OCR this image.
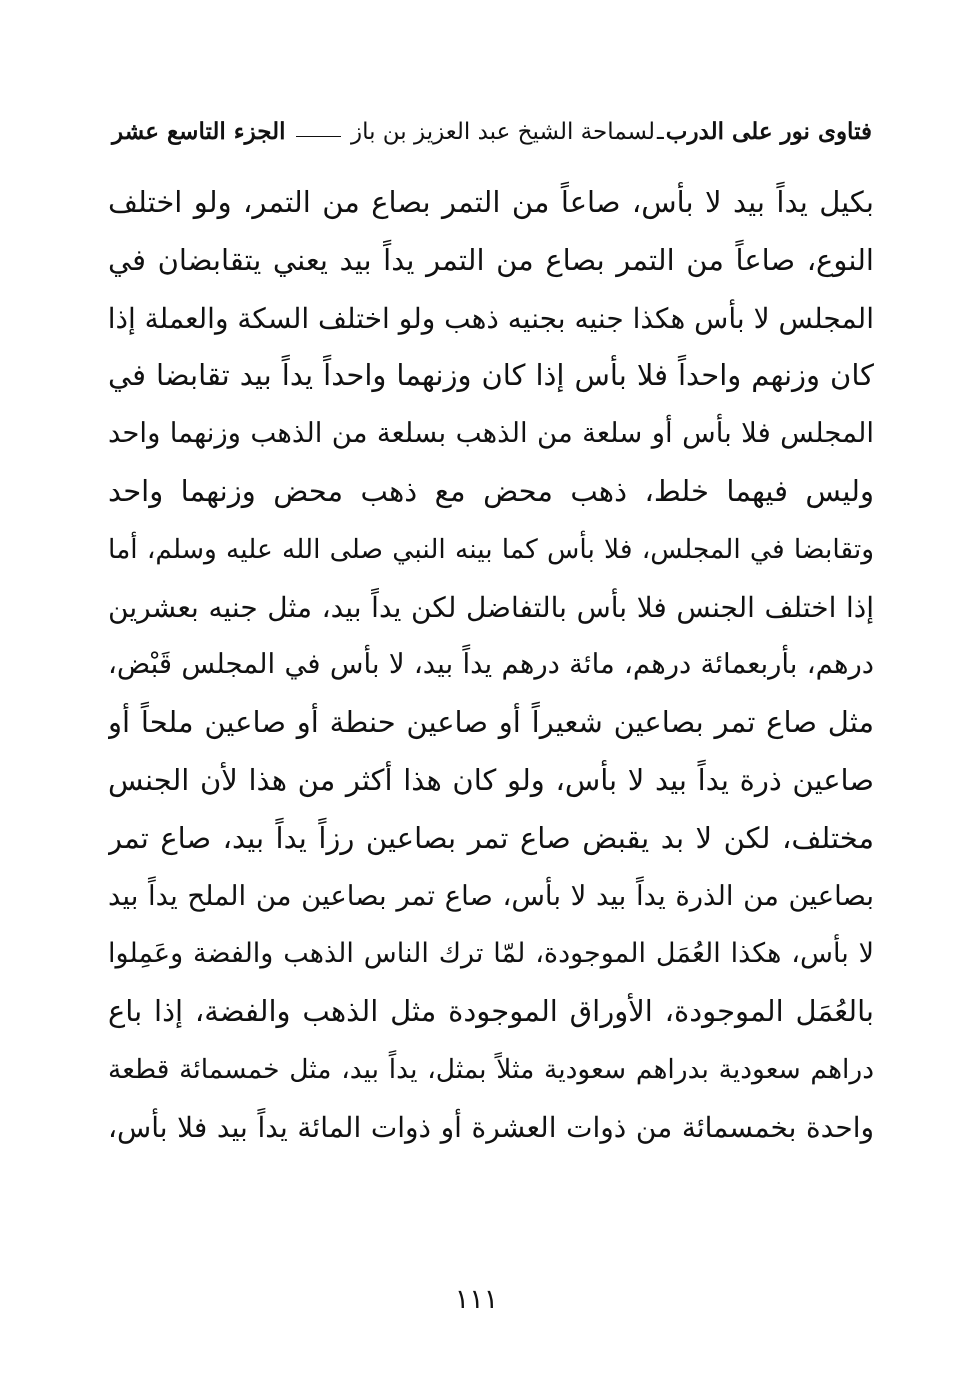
فتاوى نور على الدرب
ـ
لسماحة الشيخ عبد العزيز بن باز
الجزء التاسع عشر
بكيل يداً بيد لا بأس، صاعاً من التمر بصاع من التمر، ولو اختلف
النوع، صاعاً من التمر بصاع من التمر يداً بيد يعني يتقابضان في
المجلس لا بأس هكذا جنيه بجنيه ذهب ولو اختلف السكة والعملة إذا
كان وزنهم واحداً فلا بأس إذا كان وزنهما واحداً يداً بيد تقابضا في
المجلس فلا بأس أو سلعة من الذهب بسلعة من الذهب وزنهما واحد
وليس فيهما خلط، ذهب محض مع ذهب محض وزنهما واحد
وتقابضا في المجلس، فلا بأس كما بينه النبي صلى الله عليه وسلم، أما
إذا اختلف الجنس فلا بأس بالتفاضل لكن يداً بيد، مثل جنيه بعشرين
درهم، بأربعمائة درهم، مائة درهم يداً بيد، لا بأس في المجلس قَبْض،
مثل صاع تمر بصاعين شعيراً أو صاعين حنطة أو صاعين ملحاً أو
صاعين ذرة يداً بيد لا بأس، ولو كان هذا أكثر من هذا لأن الجنس
مختلف، لكن لا بد يقبض صاع تمر بصاعين رزاً يداً بيد، صاع تمر
بصاعين من الذرة يداً بيد لا بأس، صاع تمر بصاعين من الملح يداً بيد
لا بأس، هكذا العُمَل الموجودة، لمّا ترك الناس الذهب والفضة وعَمِلوا
بالعُمَل الموجودة، الأوراق الموجودة مثل الذهب والفضة، إذا باع
دراهم سعودية بدراهم سعودية مثلاً بمثل، يداً بيد، مثل خمسمائة قطعة
واحدة بخمسمائة من ذوات العشرة أو ذوات المائة يداً بيد فلا بأس،
١١١
